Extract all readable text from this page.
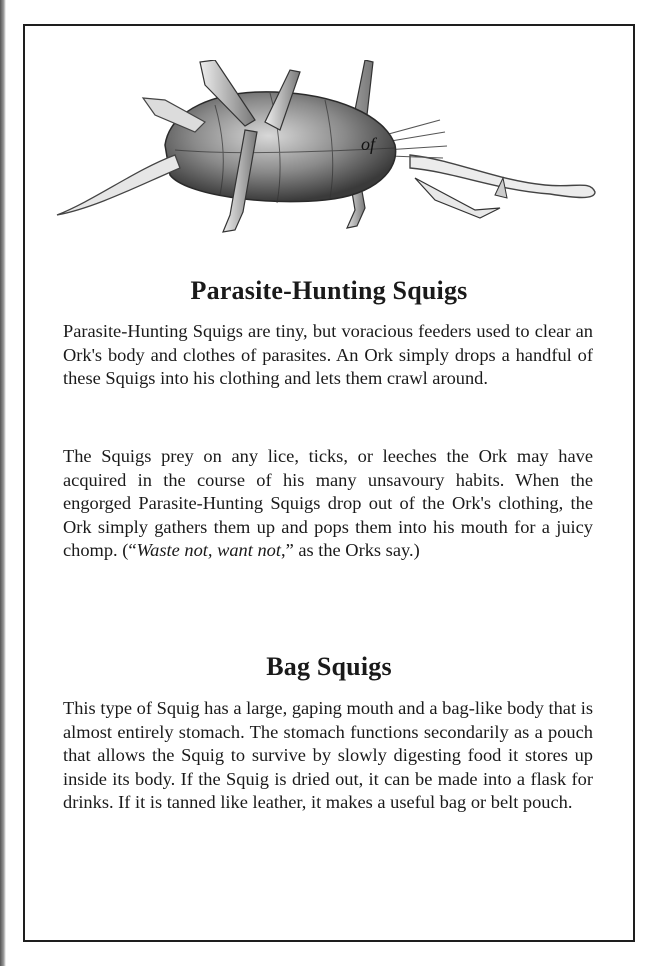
of
Parasite-Hunting Squigs

Parasite-Hunting Squigs are tiny, but voracious feeders used to clear an Ork's body and clothes of parasites. An Ork simply drops a handful of these Squigs into his clothing and lets them crawl around.

The Squigs prey on any lice, ticks, or leeches the Ork may have acquired in the course of his many unsavoury habits. When the engorged Parasite-Hunting Squigs drop out of the Ork's clothing, the Ork simply gathers them up and pops them into his mouth for a juicy chomp. (“Waste not, want not,” as the Orks say.)

Bag Squigs

This type of Squig has a large, gaping mouth and a bag-like body that is almost entirely stomach. The stomach functions secondarily as a pouch that allows the Squig to survive by slowly digesting food it stores up inside its body. If the Squig is dried out, it can be made into a flask for drinks. If it is tanned like leather, it makes a useful bag or belt pouch.
